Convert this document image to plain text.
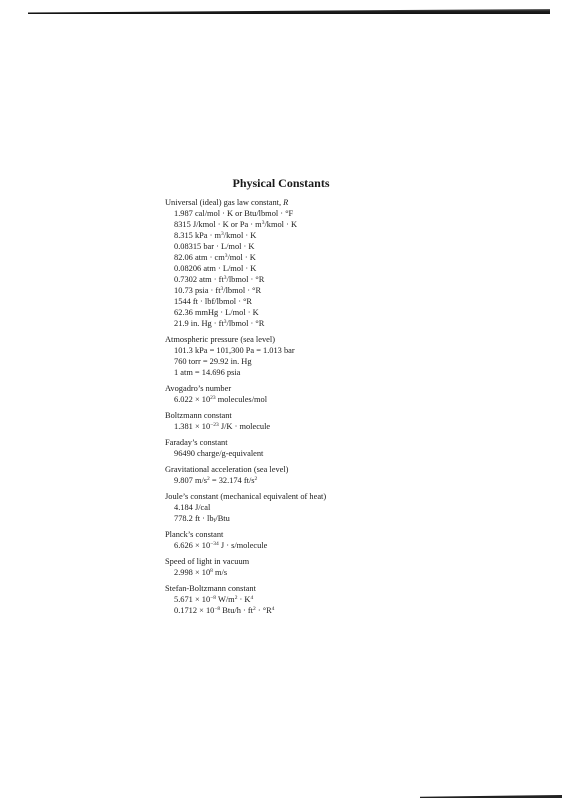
Physical Constants
Universal (ideal) gas law constant, R
1.987 cal/mol · K or Btu/lbmol · °F
8315 J/kmol · K or $Pa \cdot m^3$/kmol · K
8.315 kPa · $m^3$/kmol · K
0.08315 bar · L/mol · K
82.06 atm · $cm^3$/mol · K
0.08206 atm · L/mol · K
0.7302 atm · $ft^3$/lbmol · °R
10.73 psia · $ft^3$/lbmol · °R
1544 ft · lbf/lbmol · °R
62.36 mmHg · L/mol · K
21.9 in. $Hg \cdot ft^3$/lbmol · °R
Atmospheric pressure (sea level)
101.3 kPa = 101,300 Pa = 1.013 bar
760 torr = 29.92 in. Hg
1 atm = 14.696 psia
Avogadro’s number
$6.022 \times 10^{23}$ molecules/mol
Boltzmann constant
$1.381 \times 10^{-23}$ J/K · molecule
Faraday’s constant
96490 charge/g-equivalent
Gravitational acceleration (sea level)
9.807 $m/s^2 = 32.174$ $ft/s^2$
Joule’s constant (mechanical equivalent of heat)
4.184 J/cal
778.2 ft · $lb_f$/Btu
Planck’s constant
$6.626 \times 10^{-34}$ J · s/molecule
Speed of light in vacuum
$2.998 \times 10^8$ m/s
Stefan-Boltzmann constant
$5.671 \times 10^{-8}$ $W/m^2 \cdot K^4$
$0.1712 \times 10^{-8}$ $Btu/h \cdot ft^2 \cdot ^\circ R^4$
